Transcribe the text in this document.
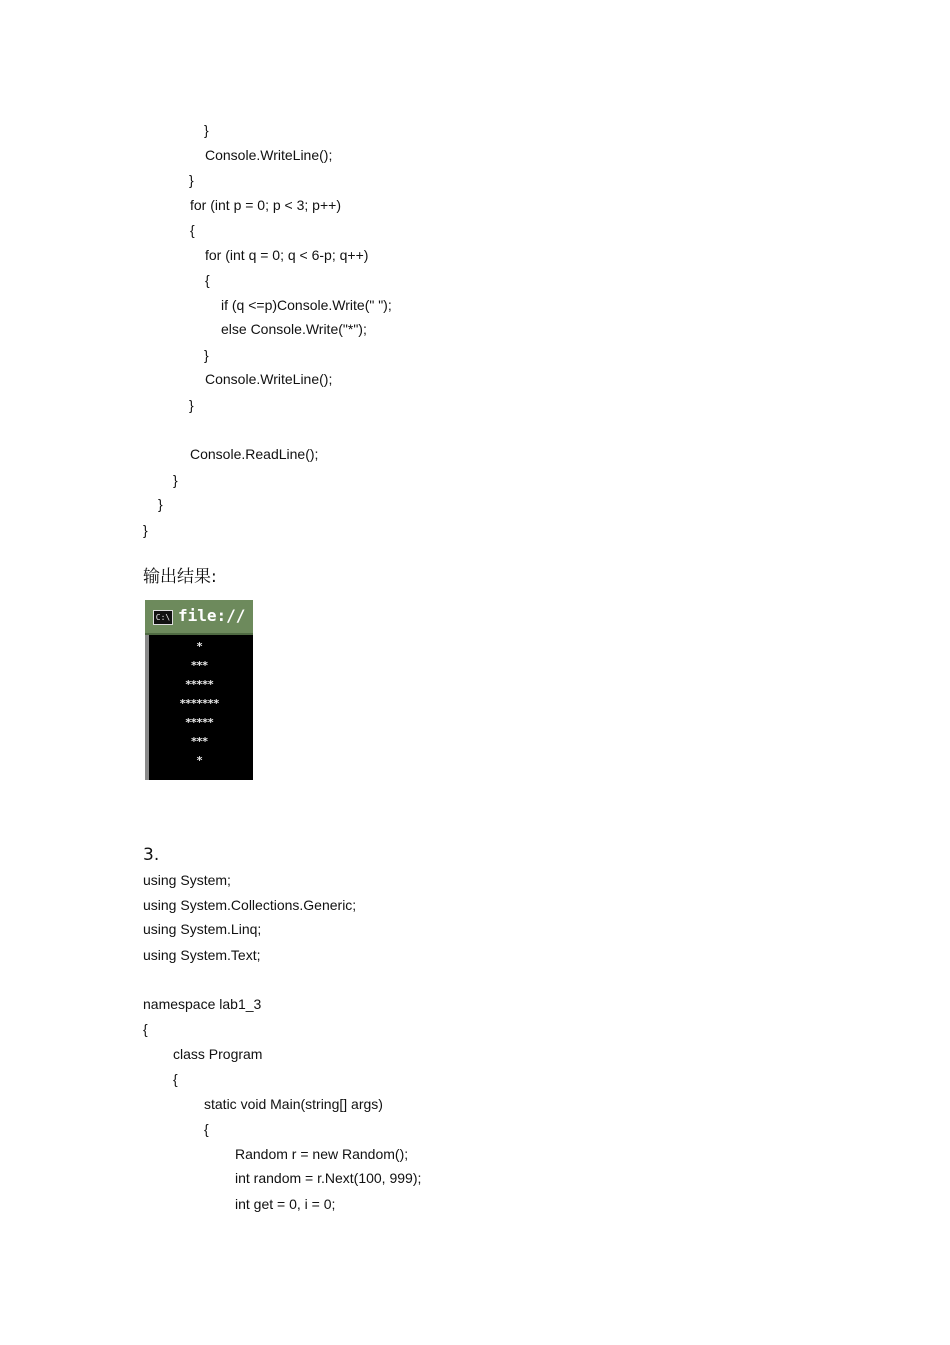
}
Console.WriteLine();
}
for (int p = 0; p < 3; p++)
{
for (int q = 0; q < 6-p; q++)
{
if (q <=p)Console.Write(" ");
else Console.Write("*");
}
Console.WriteLine();
}
Console.ReadLine();
}
}
}
输出结果:
C:\ file://
*
***
*****
*******
*****
***
*
3.
using System;
using System.Collections.Generic;
using System.Linq;
using System.Text;
namespace lab1_3
{
class Program
{
static void Main(string[] args)
{
Random r = new Random();
int random = r.Next(100, 999);
int get = 0, i = 0;
